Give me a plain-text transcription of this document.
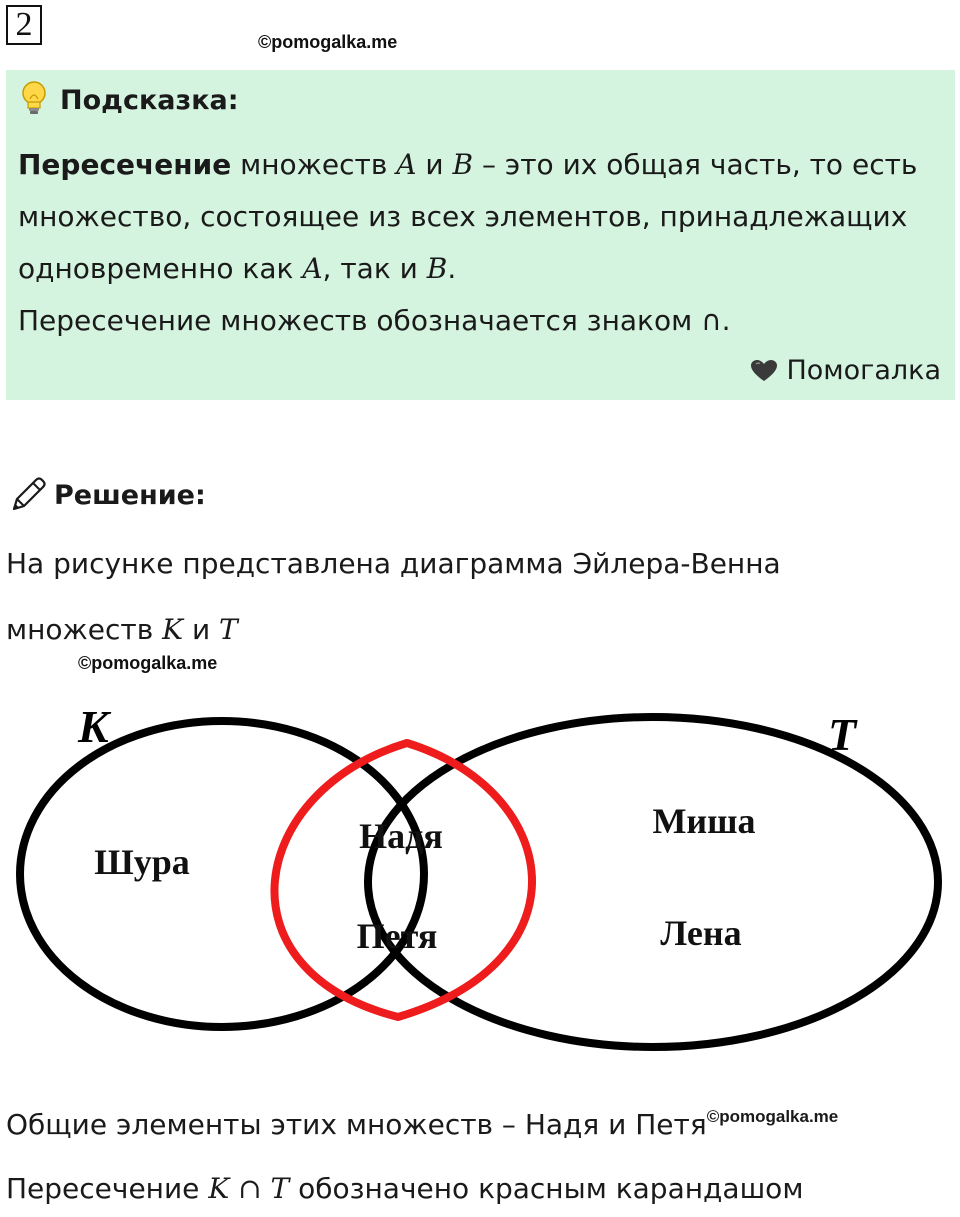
2	©pomogalka.me
Подсказка:
Пересечение множеств A и B – это их общая часть, то есть
множество, состоящее из всех элементов, принадлежащих
одновременно как A, так и B.
Пересечение множеств обозначается знаком ∩.
Помогалка
Решение:
На рисунке представлена диаграмма Эйлера-Венна
множеств K и T
©pomogalka.me
K	T
Шура
Надя
Петя
Миша
Лена
Общие элементы этих множеств – Надя и Петя$^{©pomogalka.me}$
Пересечение K ∩ T обозначено красным карандашом
